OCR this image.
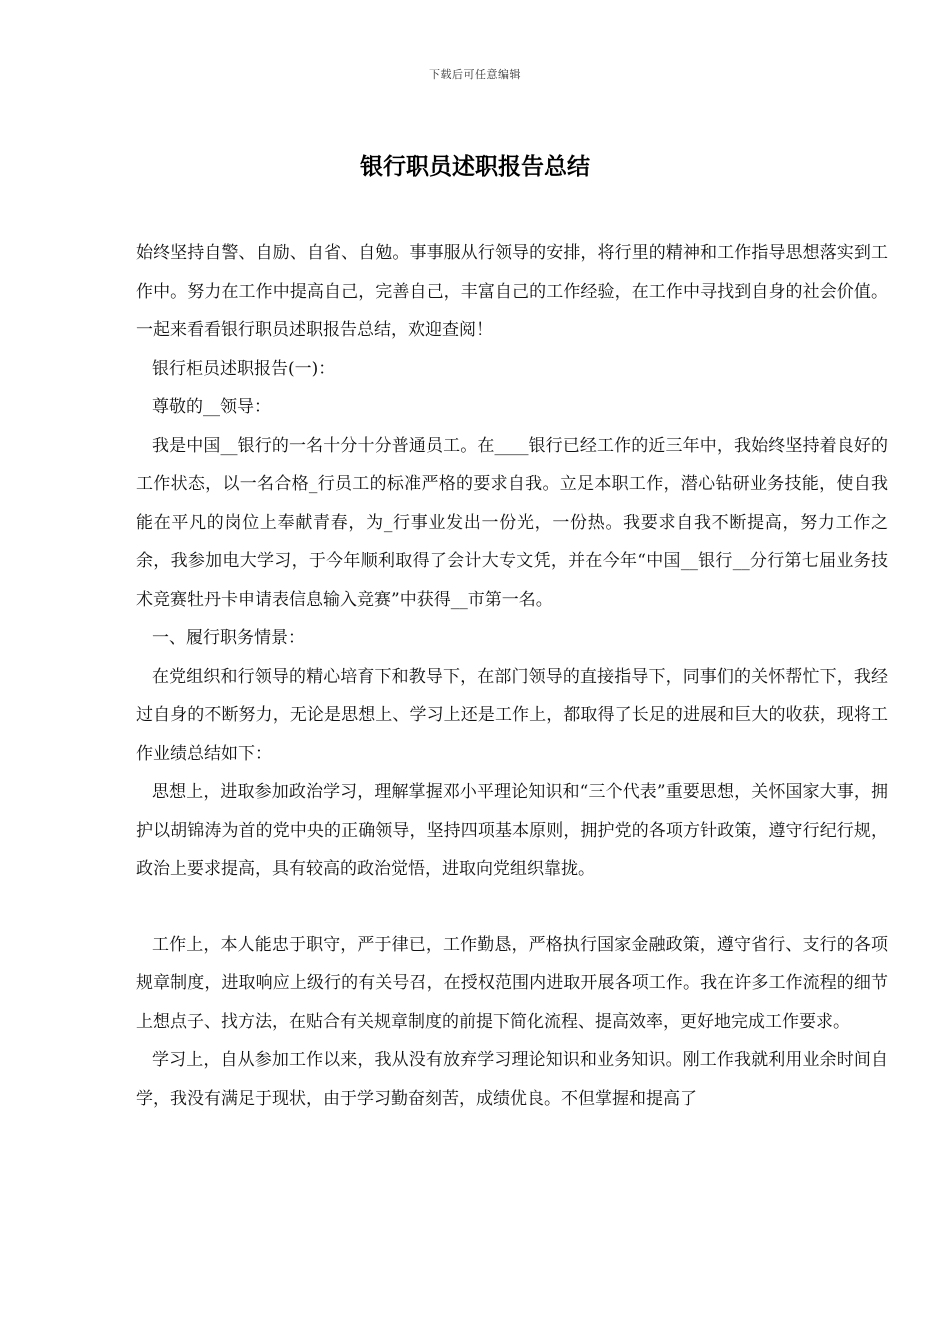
下载后可任意编辑
银行职员述职报告总结

始终坚持自警、自励、自省、自勉。事事服从行领导的安排，将行里的精神和工作指导思想落实到工作中。努力在工作中提高自己，完善自己，丰富自己的工作经验，在工作中寻找到自身的社会价值。一起来看看银行职员述职报告总结，欢迎查阅！

银行柜员述职报告(一)：

尊敬的__领导：

我是中国__银行的一名十分十分普通员工。在____银行已经工作的近三年中，我始终坚持着良好的工作状态，以一名合格_行员工的标准严格的要求自我。立足本职工作，潜心钻研业务技能，使自我能在平凡的岗位上奉献青春，为_行事业发出一份光，一份热。我要求自我不断提高，努力工作之余，我参加电大学习，于今年顺利取得了会计大专文凭，并在今年“中国__银行__分行第七届业务技术竞赛牡丹卡申请表信息输入竞赛”中获得__市第一名。

一、履行职务情景：

在党组织和行领导的精心培育下和教导下，在部门领导的直接指导下，同事们的关怀帮忙下，我经过自身的不断努力，无论是思想上、学习上还是工作上，都取得了长足的进展和巨大的收获，现将工作业绩总结如下：

思想上，进取参加政治学习，理解掌握邓小平理论知识和“三个代表”重要思想，关怀国家大事，拥护以胡锦涛为首的党中央的正确领导，坚持四项基本原则，拥护党的各项方针政策，遵守行纪行规，政治上要求提高，具有较高的政治觉悟，进取向党组织靠拢。

工作上，本人能忠于职守，严于律已，工作勤恳，严格执行国家金融政策，遵守省行、支行的各项规章制度，进取响应上级行的有关号召，在授权范围内进取开展各项工作。我在许多工作流程的细节上想点子、找方法，在贴合有关规章制度的前提下简化流程、提高效率，更好地完成工作要求。

学习上，自从参加工作以来，我从没有放弃学习理论知识和业务知识。刚工作我就利用业余时间自学，我没有满足于现状，由于学习勤奋刻苦，成绩优良。不但掌握和提高了
